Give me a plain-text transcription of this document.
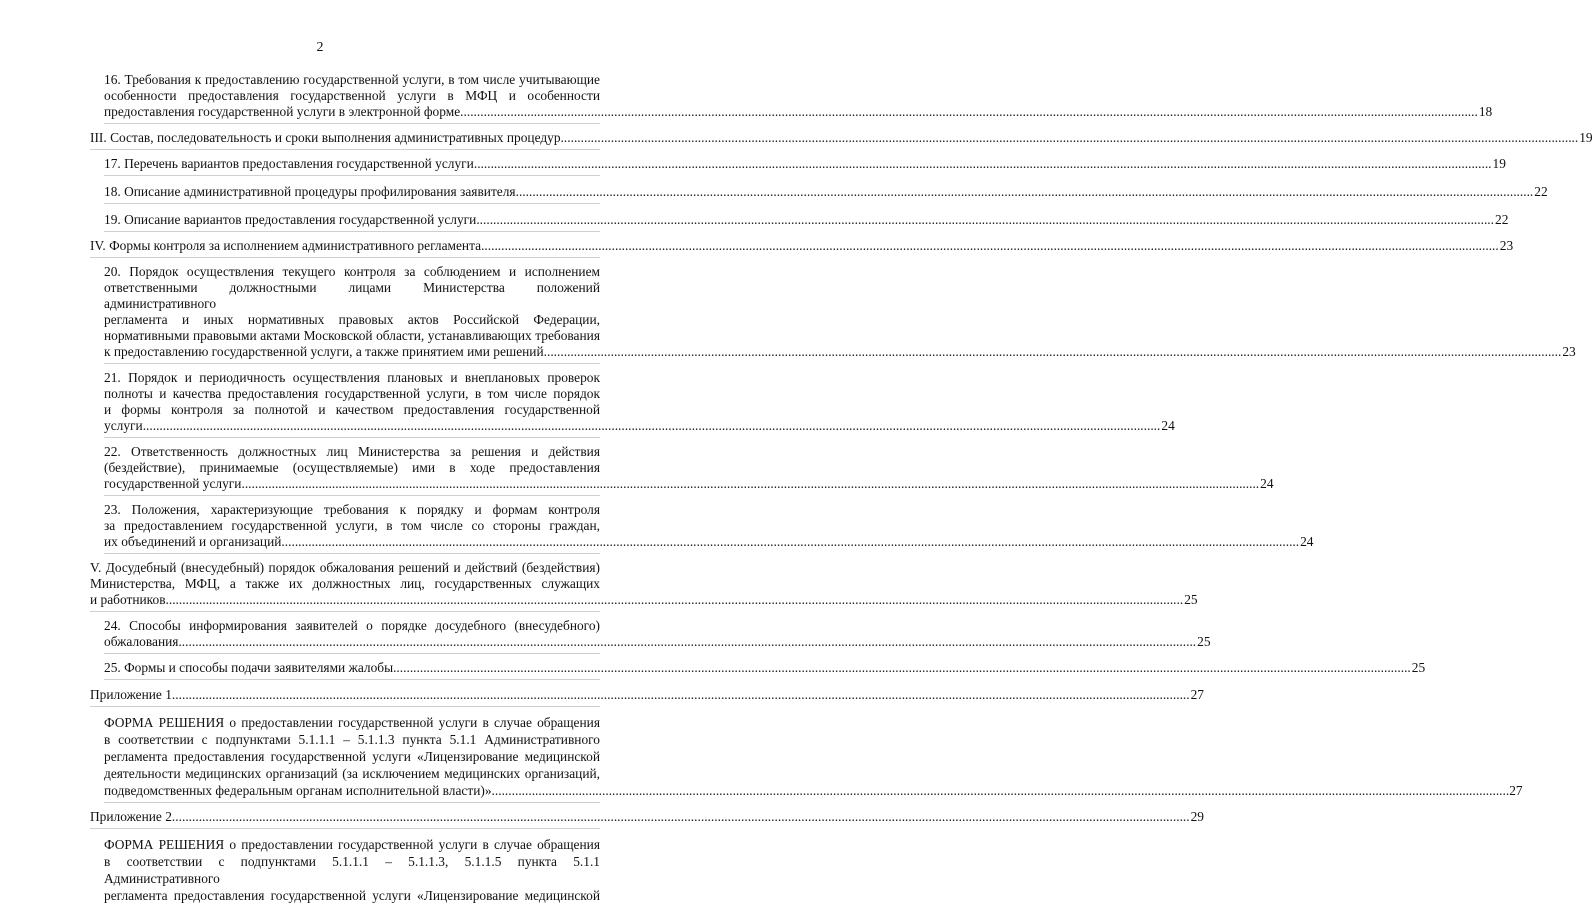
2
16. Требования к предоставлению государственной услуги, в том числе учитывающие
особенности предоставления государственной услуги в МФЦ и особенности
предоставления государственной услуги в электронной форме ................................................................................................................................................................................................................................................................................................................ 18
III. Состав, последовательность и сроки выполнения административных процедур ................................................................................................................................................................................................................................................................................................................ 19
17. Перечень вариантов предоставления государственной услуги ................................................................................................................................................................................................................................................................................................................ 19
18. Описание административной процедуры профилирования заявителя ................................................................................................................................................................................................................................................................................................................ 22
19. Описание вариантов предоставления государственной услуги ................................................................................................................................................................................................................................................................................................................ 22
IV. Формы контроля за исполнением административного регламента ................................................................................................................................................................................................................................................................................................................ 23
20. Порядок осуществления текущего контроля за соблюдением и исполнением
ответственными должностными лицами Министерства положений административного
регламента и иных нормативных правовых актов Российской Федерации,
нормативными правовыми актами Московской области, устанавливающих требования
к предоставлению государственной услуги, а также принятием ими решений ................................................................................................................................................................................................................................................................................................................ 23
21. Порядок и периодичность осуществления плановых и внеплановых проверок
полноты и качества предоставления государственной услуги, в том числе порядок
и формы контроля за полнотой и качеством предоставления государственной
услуги ................................................................................................................................................................................................................................................................................................................ 24
22. Ответственность должностных лиц Министерства за решения и действия
(бездействие), принимаемые (осуществляемые) ими в ходе предоставления
государственной услуги ................................................................................................................................................................................................................................................................................................................ 24
23. Положения, характеризующие требования к порядку и формам контроля
за предоставлением государственной услуги, в том числе со стороны граждан,
их объединений и организаций ................................................................................................................................................................................................................................................................................................................ 24
V. Досудебный (внесудебный) порядок обжалования решений и действий (бездействия)
Министерства, МФЦ, а также их должностных лиц, государственных служащих
и работников ................................................................................................................................................................................................................................................................................................................ 25
24. Способы информирования заявителей о порядке досудебного (внесудебного)
обжалования ................................................................................................................................................................................................................................................................................................................ 25
25. Формы и способы подачи заявителями жалобы ................................................................................................................................................................................................................................................................................................................ 25
Приложение 1 ................................................................................................................................................................................................................................................................................................................ 27
ФОРМА РЕШЕНИЯ о предоставлении государственной услуги в случае обращения
в соответствии с подпунктами 5.1.1.1 – 5.1.1.3 пункта 5.1.1 Административного
регламента предоставления государственной услуги «Лицензирование медицинской
деятельности медицинских организаций (за исключением медицинских организаций,
подведомственных федеральным органам исполнительной власти)» ................................................................................................................................................................................................................................................................................................................ 27
Приложение 2 ................................................................................................................................................................................................................................................................................................................ 29
ФОРМА РЕШЕНИЯ о предоставлении государственной услуги в случае обращения
в соответствии с подпунктами 5.1.1.1 – 5.1.1.3, 5.1.1.5 пункта 5.1.1 Административного
регламента предоставления государственной услуги «Лицензирование медицинской
